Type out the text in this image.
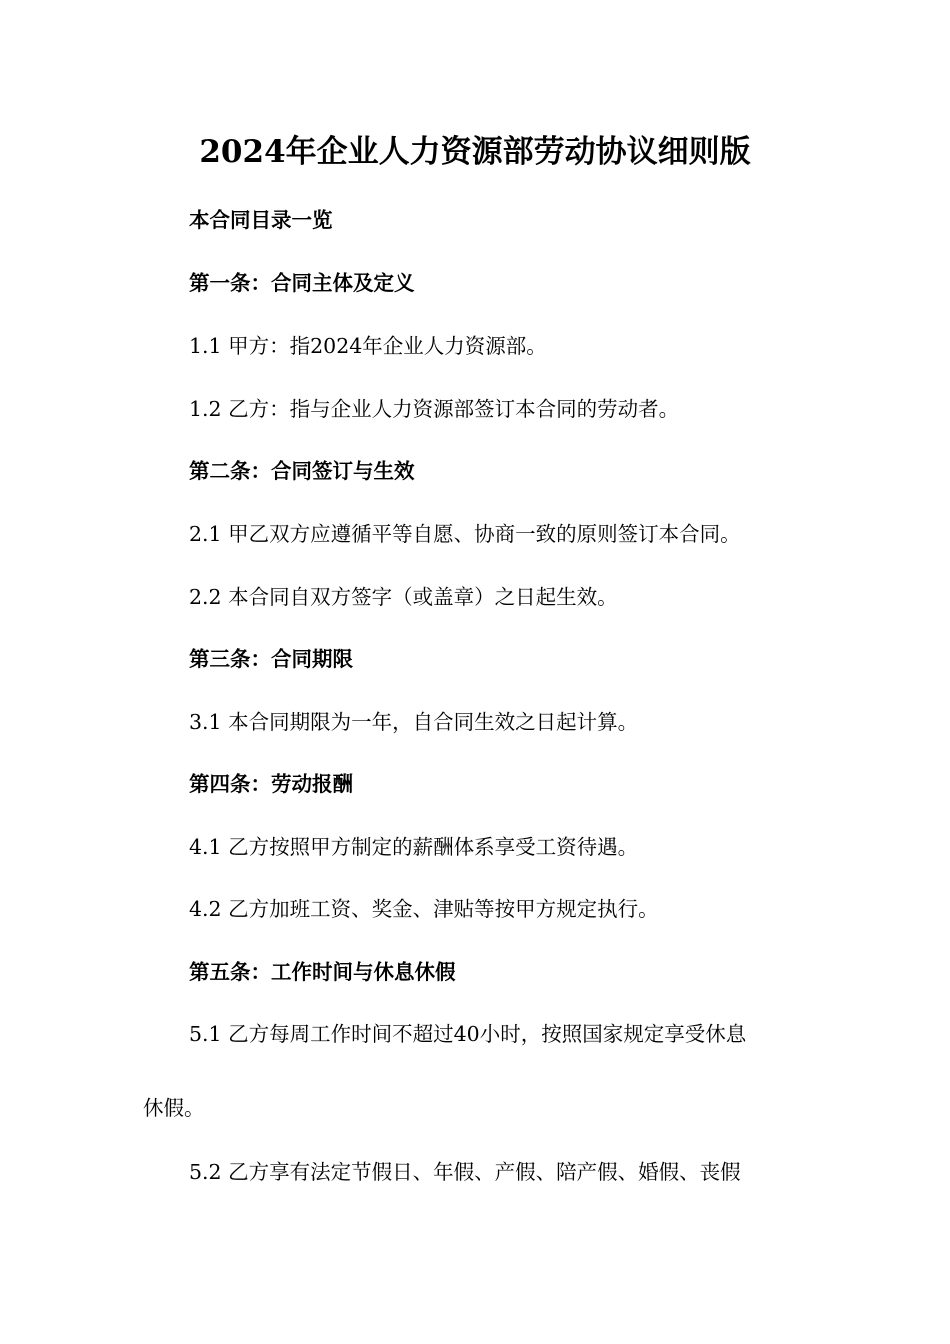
2024年企业人力资源部劳动协议细则版
本合同目录一览
第一条：合同主体及定义
1.1 甲方：指2024年企业人力资源部。
1.2 乙方：指与企业人力资源部签订本合同的劳动者。
第二条：合同签订与生效
2.1 甲乙双方应遵循平等自愿、协商一致的原则签订本合同。
2.2 本合同自双方签字（或盖章）之日起生效。
第三条：合同期限
3.1 本合同期限为一年，自合同生效之日起计算。
第四条：劳动报酬
4.1 乙方按照甲方制定的薪酬体系享受工资待遇。
4.2 乙方加班工资、奖金、津贴等按甲方规定执行。
第五条：工作时间与休息休假
5.1 乙方每周工作时间不超过40小时，按照国家规定享受休息
休假。
5.2 乙方享有法定节假日、年假、产假、陪产假、婚假、丧假
